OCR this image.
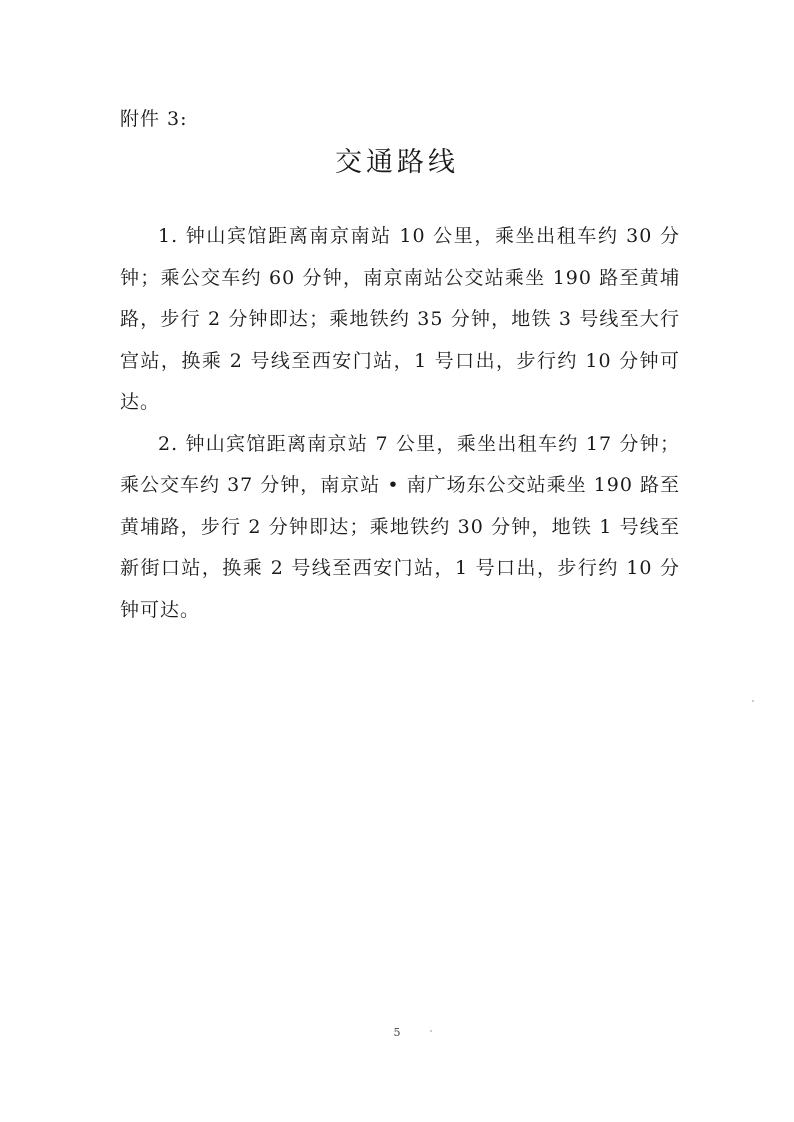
附件 3:
交通路线

1. 钟山宾馆距离南京南站 10 公里，乘坐出租车约 30 分钟；乘公交车约 60 分钟，南京南站公交站乘坐 190 路至黄埔路，步行 2 分钟即达；乘地铁约 35 分钟，地铁 3 号线至大行宫站，换乘 2 号线至西安门站，1 号口出，步行约 10 分钟可达。

2. 钟山宾馆距离南京站 7 公里，乘坐出租车约 17 分钟；乘公交车约 37 分钟，南京站 • 南广场东公交站乘坐 190 路至黄埔路，步行 2 分钟即达；乘地铁约 30 分钟，地铁 1 号线至新街口站，换乘 2 号线至西安门站，1 号口出，步行约 10 分钟可达。

5
